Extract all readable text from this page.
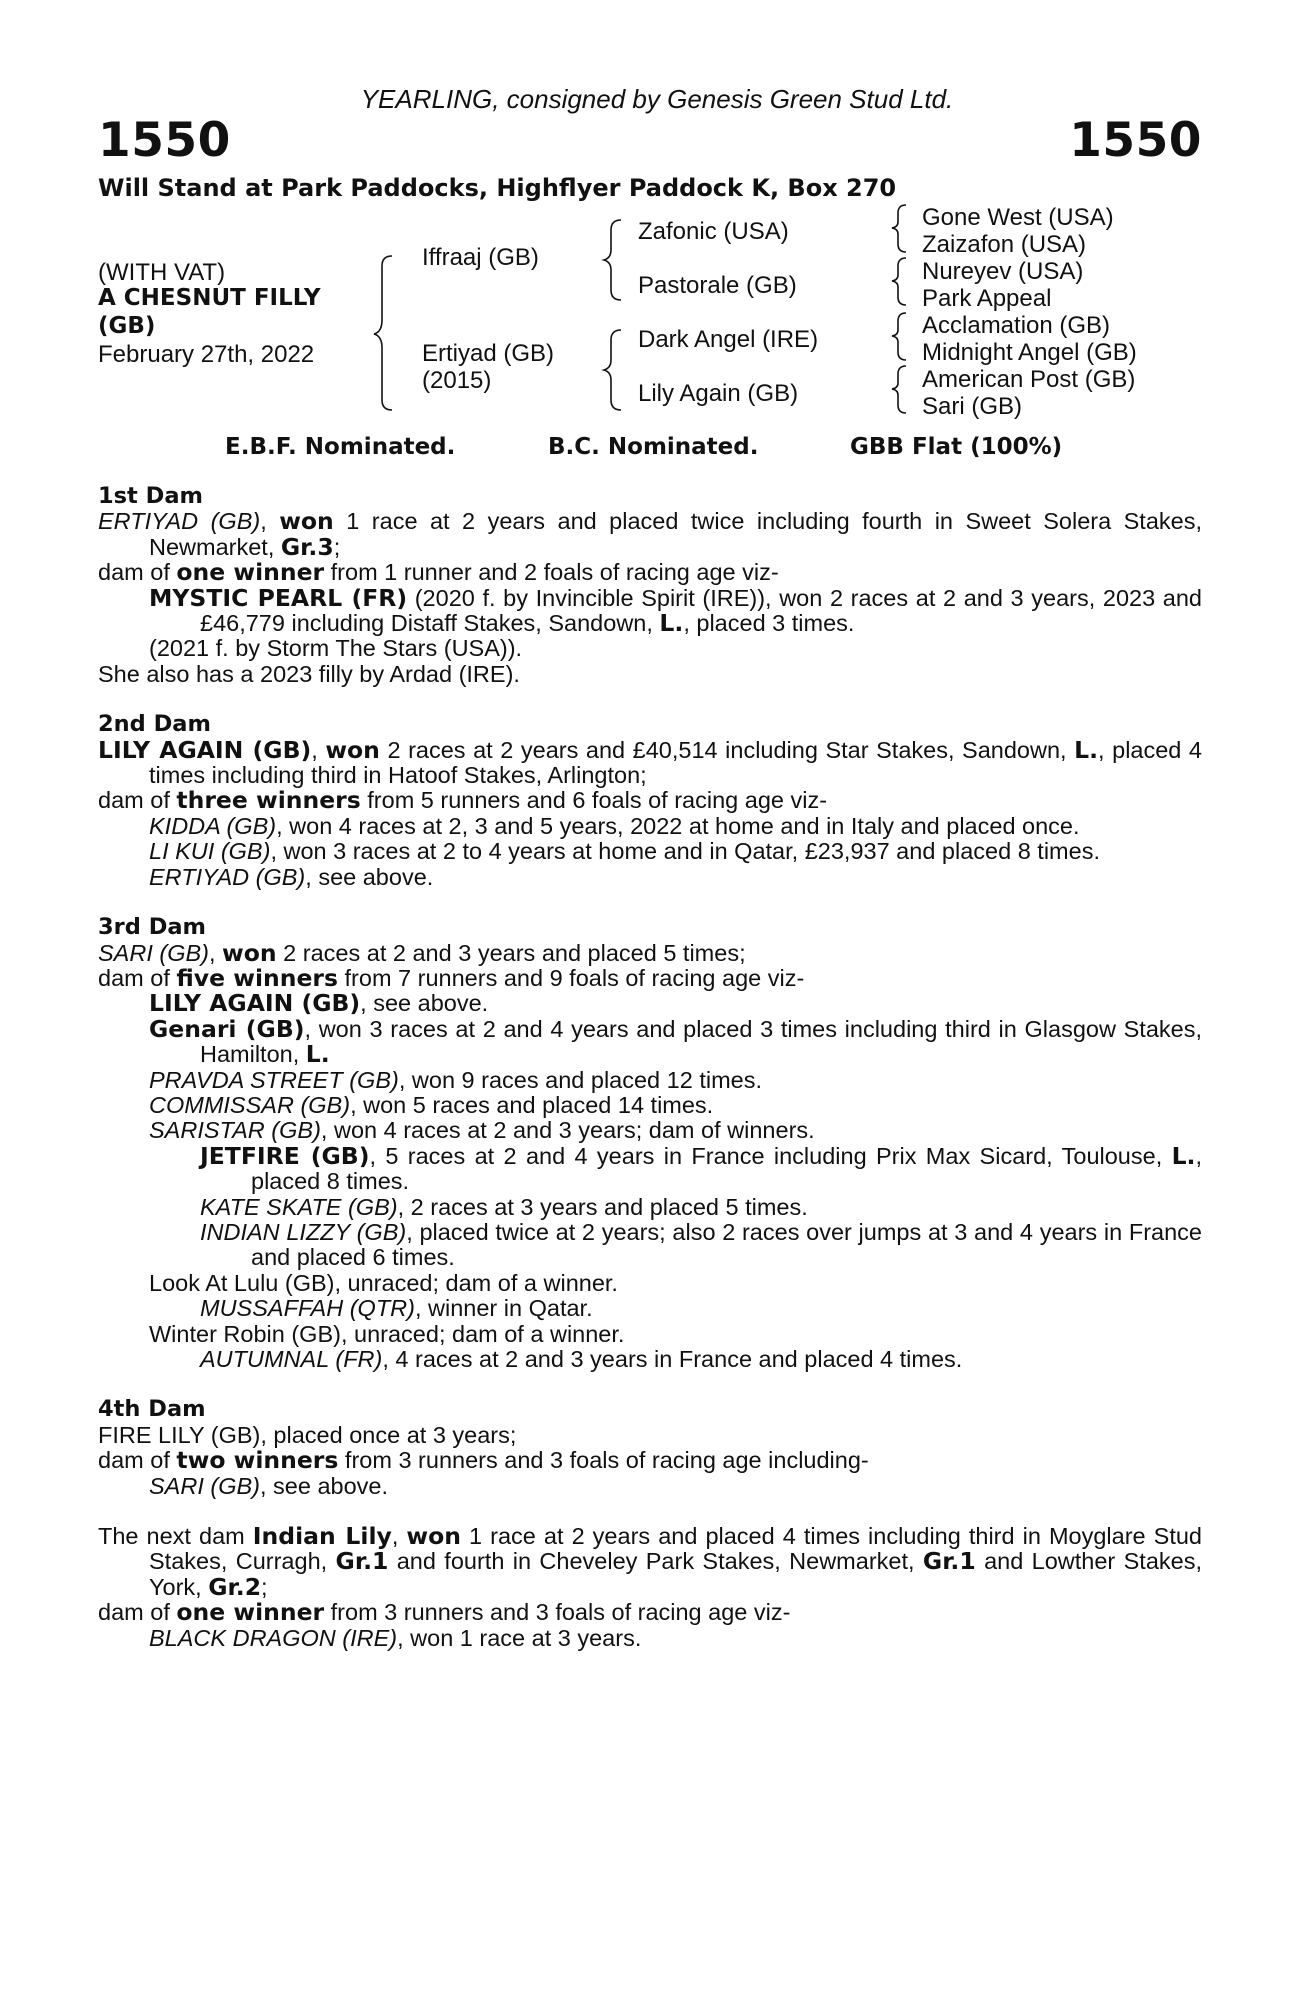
YEARLING, consigned by Genesis Green Stud Ltd.
1550	1550
Will Stand at Park Paddocks, Highflyer Paddock K, Box 270
(WITH VAT)
A CHESNUT FILLY
(GB)
February 27th, 2022
Iffraaj (GB)
Ertiyad (GB)
(2015)
Zafonic (USA)
Pastorale (GB)
Dark Angel (IRE)
Lily Again (GB)
Gone West (USA)
Zaizafon (USA)
Nureyev (USA)
Park Appeal
Acclamation (GB)
Midnight Angel (GB)
American Post (GB)
Sari (GB)
E.B.F. Nominated.	B.C. Nominated.	GBB Flat (100%)

1st Dam

ERTIYAD (GB), won 1 race at 2 years and placed twice including fourth in Sweet Solera Stakes, Newmarket, Gr.3;

dam of one winner from 1 runner and 2 foals of racing age viz-

MYSTIC PEARL (FR) (2020 f. by Invincible Spirit (IRE)), won 2 races at 2 and 3 years, 2023 and £46,779 including Distaff Stakes, Sandown, L., placed 3 times.

(2021 f. by Storm The Stars (USA)).

She also has a 2023 filly by Ardad (IRE).

2nd Dam

LILY AGAIN (GB), won 2 races at 2 years and £40,514 including Star Stakes, Sandown, L., placed 4 times including third in Hatoof Stakes, Arlington;

dam of three winners from 5 runners and 6 foals of racing age viz-

KIDDA (GB), won 4 races at 2, 3 and 5 years, 2022 at home and in Italy and placed once.

LI KUI (GB), won 3 races at 2 to 4 years at home and in Qatar, £23,937 and placed 8 times.

ERTIYAD (GB), see above.

3rd Dam

SARI (GB), won 2 races at 2 and 3 years and placed 5 times;

dam of five winners from 7 runners and 9 foals of racing age viz-

LILY AGAIN (GB), see above.

Genari (GB), won 3 races at 2 and 4 years and placed 3 times including third in Glasgow Stakes, Hamilton, L.

PRAVDA STREET (GB), won 9 races and placed 12 times.

COMMISSAR (GB), won 5 races and placed 14 times.

SARISTAR (GB), won 4 races at 2 and 3 years; dam of winners.

JETFIRE (GB), 5 races at 2 and 4 years in France including Prix Max Sicard, Toulouse, L., placed 8 times.

KATE SKATE (GB), 2 races at 3 years and placed 5 times.

INDIAN LIZZY (GB), placed twice at 2 years; also 2 races over jumps at 3 and 4 years in France and placed 6 times.

Look At Lulu (GB), unraced; dam of a winner.

MUSSAFFAH (QTR), winner in Qatar.

Winter Robin (GB), unraced; dam of a winner.

AUTUMNAL (FR), 4 races at 2 and 3 years in France and placed 4 times.

4th Dam

FIRE LILY (GB), placed once at 3 years;

dam of two winners from 3 runners and 3 foals of racing age including-

SARI (GB), see above.

The next dam Indian Lily, won 1 race at 2 years and placed 4 times including third in Moyglare Stud Stakes, Curragh, Gr.1 and fourth in Cheveley Park Stakes, Newmarket, Gr.1 and Lowther Stakes, York, Gr.2;

dam of one winner from 3 runners and 3 foals of racing age viz-

BLACK DRAGON (IRE), won 1 race at 3 years.
